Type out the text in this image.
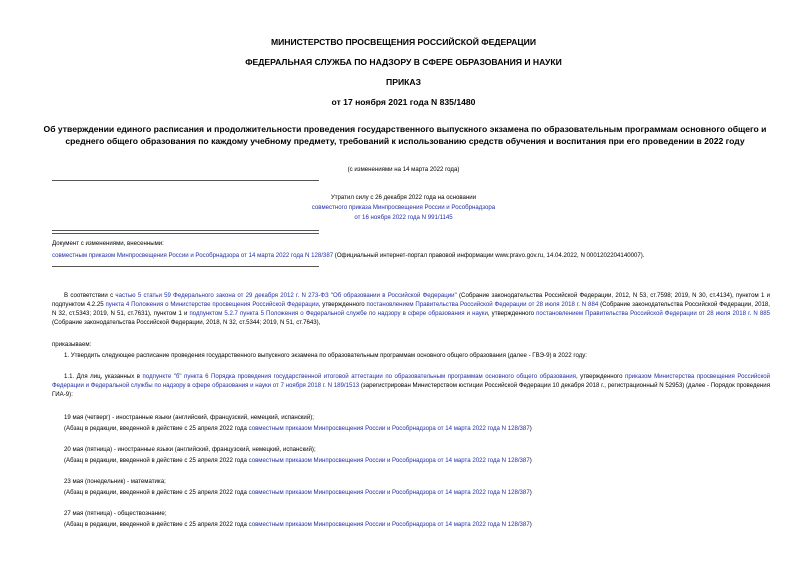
МИНИСТЕРСТВО ПРОСВЕЩЕНИЯ РОССИЙСКОЙ ФЕДЕРАЦИИ
ФЕДЕРАЛЬНАЯ СЛУЖБА ПО НАДЗОРУ В СФЕРЕ ОБРАЗОВАНИЯ И НАУКИ
ПРИКАЗ
от 17 ноября 2021 года N 835/1480
Об утверждении единого расписания и продолжительности проведения государственного выпускного экзамена по образовательным программам основного общего и среднего общего образования по каждому учебному предмету, требований к использованию средств обучения и воспитания при его проведении в 2022 году
(с изменениями на 14 марта 2022 года)
Утратил силу с 26 декабря 2022 года на основании
совместного приказа Минпросвещения России и Рособрнадзора
от 16 ноября 2022 года N 991/1145
Документ с изменениями, внесенными:
совместным приказом Минпросвещения России и Рособрнадзора от 14 марта 2022 года N 128/387 (Официальный интернет-портал правовой информации www.pravo.gov.ru, 14.04.2022, N 0001202204140007).

В соответствии с частью 5 статьи 59 Федерального закона от 29 декабря 2012 г. N 273-ФЗ "Об образовании в Российской Федерации" (Собрание законодательства Российской Федерации, 2012, N 53, ст.7598; 2019, N 30, ст.4134), пунктом 1 и подпунктом 4.2.25 пункта 4 Положения о Министерстве просвещения Российской Федерации, утвержденного постановлением Правительства Российской Федерации от 28 июля 2018 г. N 884 (Собрание законодательства Российской Федерации, 2018, N 32, ст.5343; 2019, N 51, ст.7631), пунктом 1 и подпунктом 5.2.7 пункта 5 Положения о Федеральной службе по надзору в сфере образования и науки, утвержденного постановлением Правительства Российской Федерации от 28 июля 2018 г. N 885 (Собрание законодательства Российской Федерации, 2018, N 32, ст.5344; 2019, N 51, ст.7643),

приказываем:
1. Утвердить следующее расписание проведения государственного выпускного экзамена по образовательным программам основного общего образования (далее - ГВЭ-9) в 2022 году:

1.1. Для лиц, указанных в подпункте "б" пункта 6 Порядка проведения государственной итоговой аттестации по образовательным программам основного общего образования, утвержденного приказом Министерства просвещения Российской Федерации и Федеральной службы по надзору в сфере образования и науки от 7 ноября 2018 г. N 189/1513 (зарегистрирован Министерством юстиции Российской Федерации 10 декабря 2018 г., регистрационный N 52953) (далее - Порядок проведения ГИА-9):

19 мая (четверг) - иностранные языки (английский, французский, немецкий, испанский);
(Абзац в редакции, введенной в действие с 25 апреля 2022 года совместным приказом Минпросвещения России и Рособрнадзора от 14 марта 2022 года N 128/387)
20 мая (пятница) - иностранные языки (английский, французский, немецкий, испанский);
(Абзац в редакции, введенной в действие с 25 апреля 2022 года совместным приказом Минпросвещения России и Рособрнадзора от 14 марта 2022 года N 128/387)
23 мая (понедельник) - математика;
(Абзац в редакции, введенной в действие с 25 апреля 2022 года совместным приказом Минпросвещения России и Рособрнадзора от 14 марта 2022 года N 128/387)
27 мая (пятница) - обществознание;
(Абзац в редакции, введенной в действие с 25 апреля 2022 года совместным приказом Минпросвещения России и Рособрнадзора от 14 марта 2022 года N 128/387)
